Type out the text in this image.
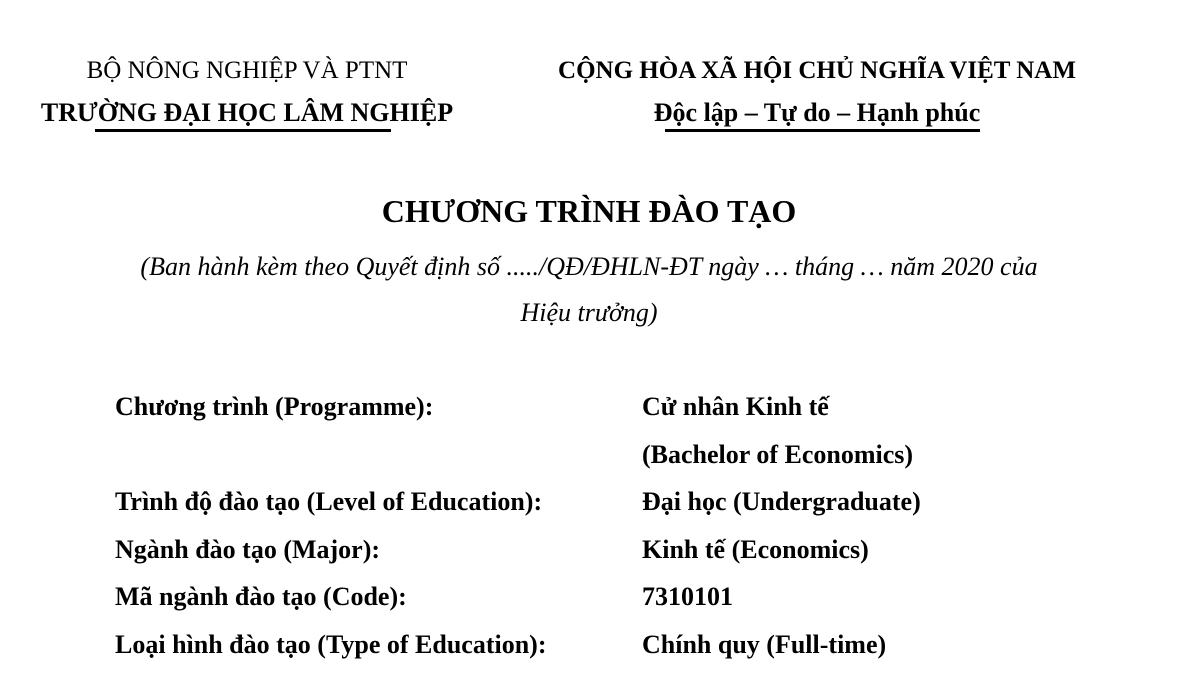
BỘ NÔNG NGHIỆP VÀ PTNT
TRƯỜNG ĐẠI HỌC LÂM NGHIỆP
CỘNG HÒA XÃ HỘI CHỦ NGHĨA VIỆT NAM
Độc lập – Tự do – Hạnh phúc
CHƯƠNG TRÌNH ĐÀO TẠO
(Ban hành kèm theo Quyết định số ...../QĐ/ĐHLN-ĐT ngày … tháng … năm 2020 của
Hiệu trưởng)
Chương trình (Programme):	Cử nhân Kinh tế
(Bachelor of Economics)
Trình độ đào tạo (Level of Education):	Đại học (Undergraduate)
Ngành đào tạo (Major):	Kinh tế (Economics)
Mã ngành đào tạo (Code):	7310101
Loại hình đào tạo (Type of Education):	Chính quy (Full-time)
